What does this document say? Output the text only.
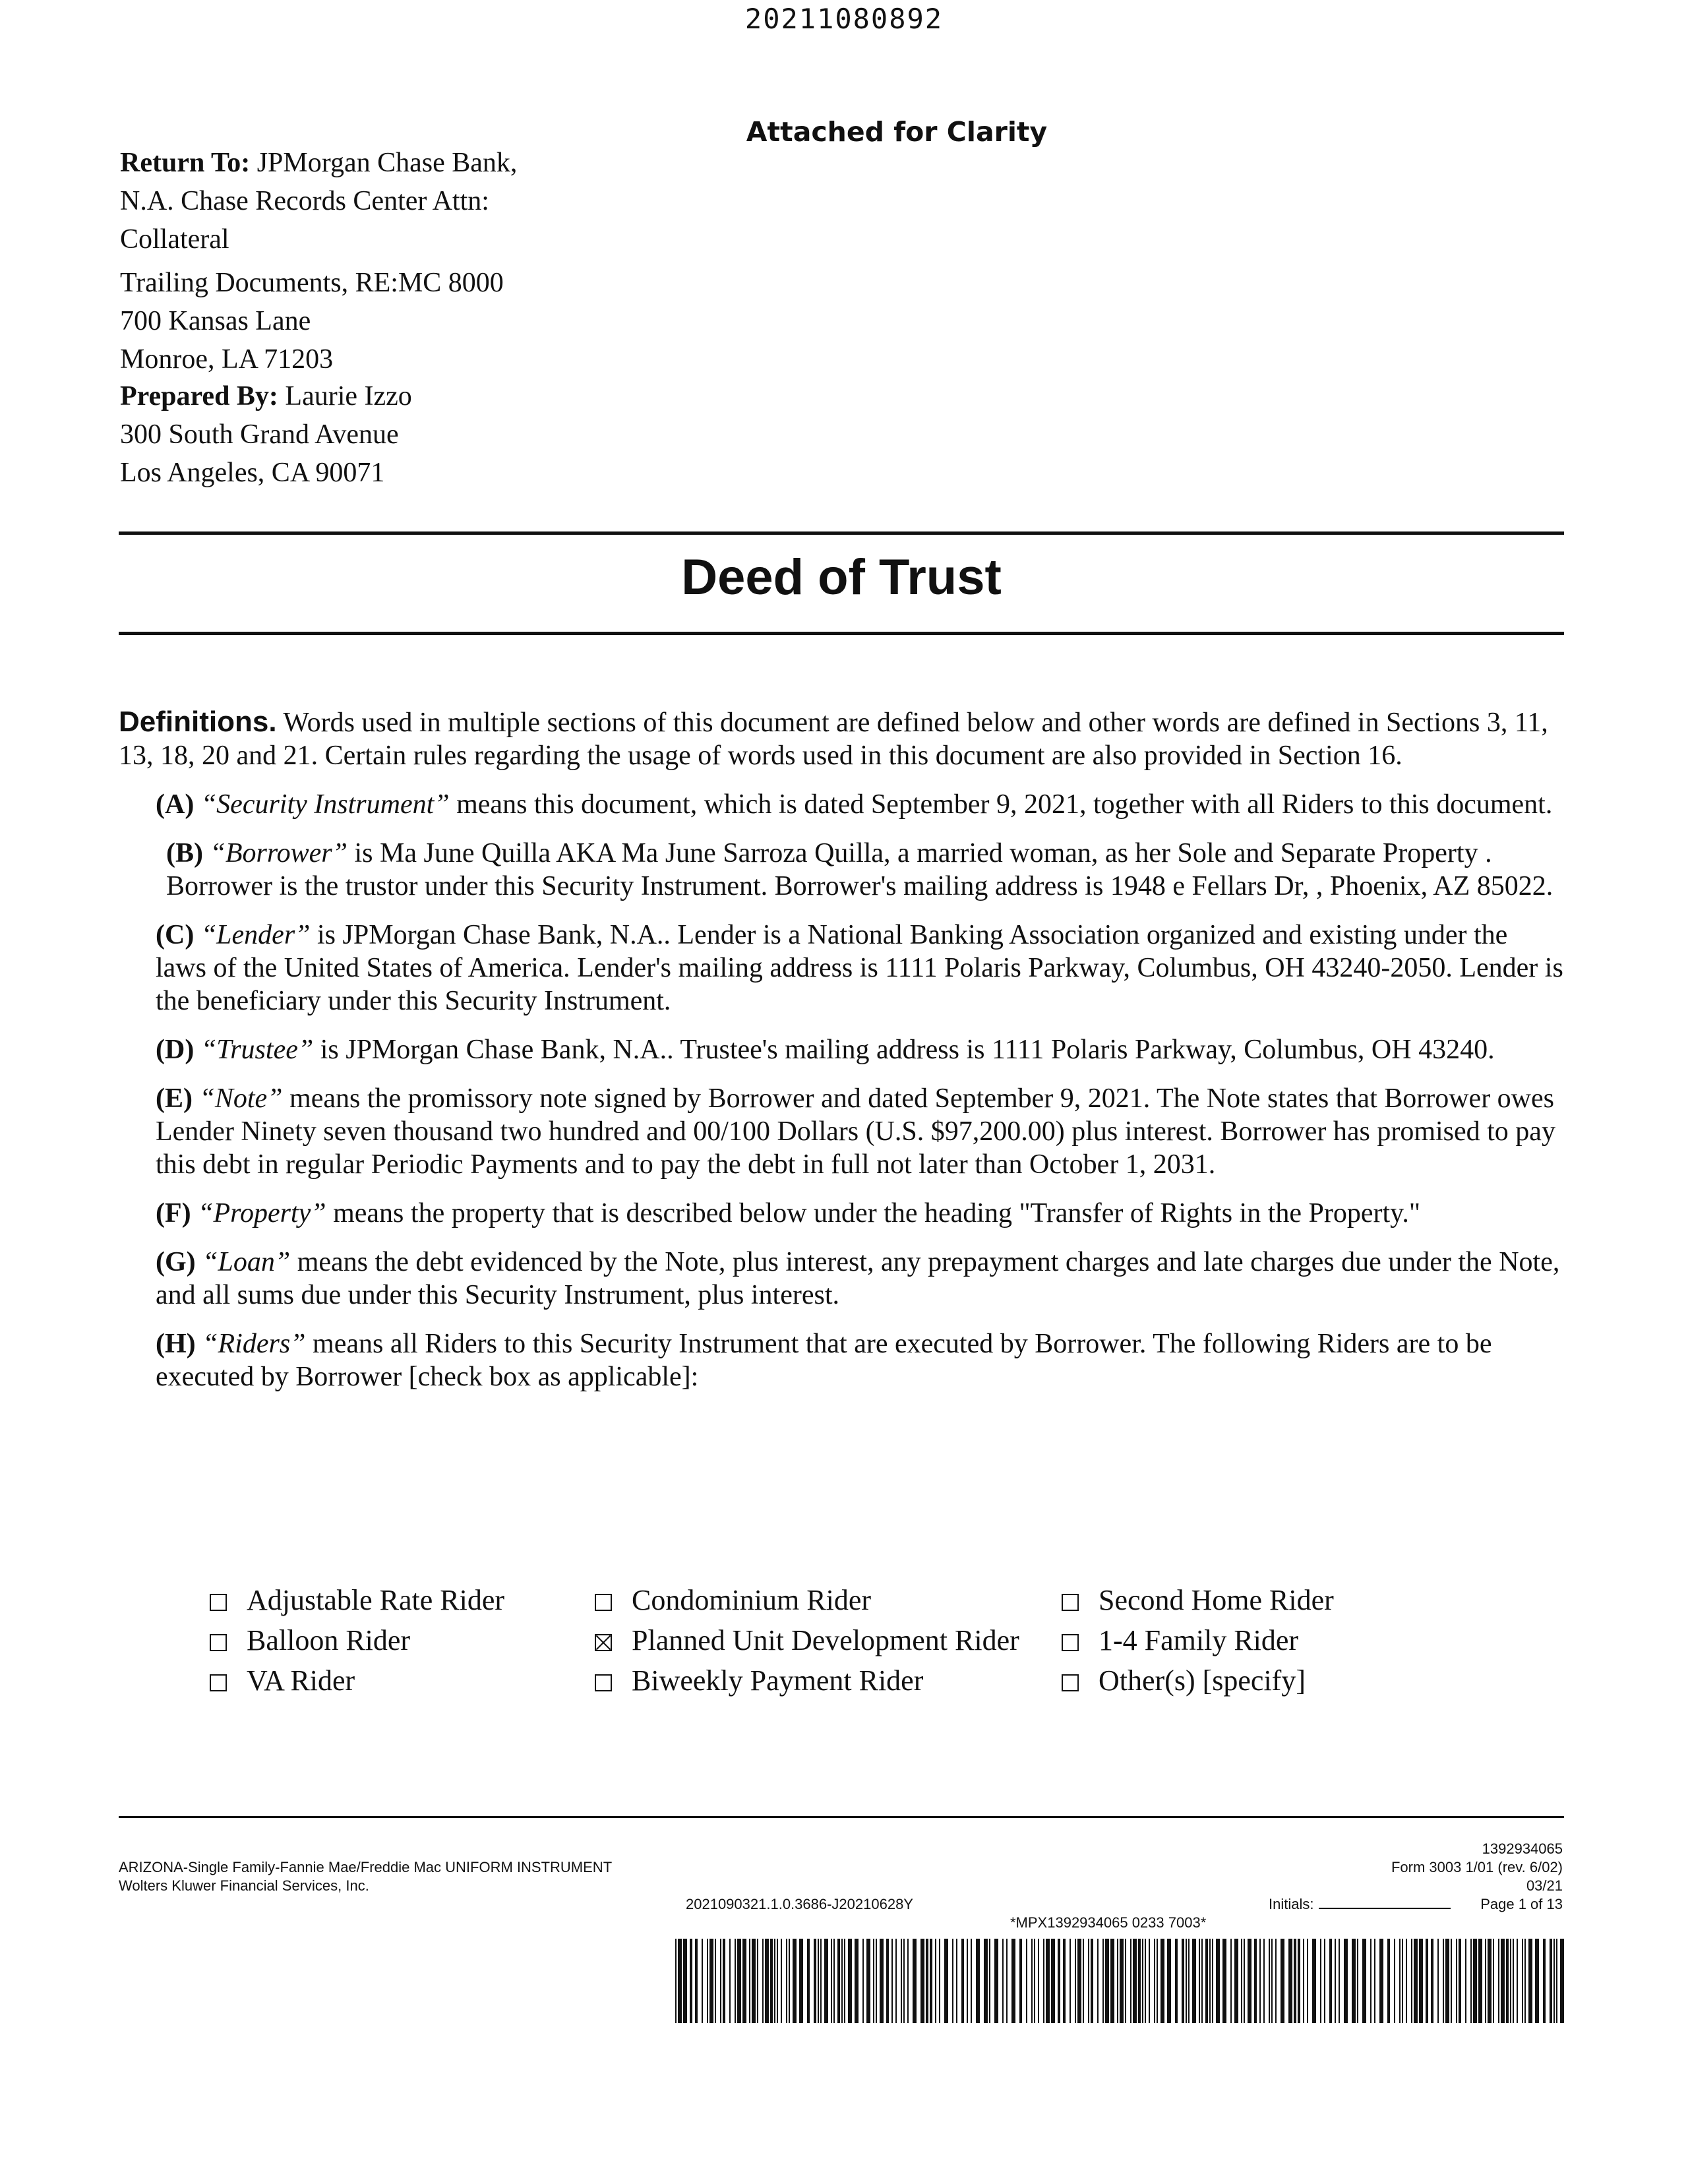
20211080892
Attached for Clarity
Return To: JPMorgan Chase Bank,
N.A. Chase Records Center Attn:
Collateral
Trailing Documents, RE:MC 8000
700 Kansas Lane
Monroe, LA 71203
Prepared By: Laurie Izzo
300 South Grand Avenue
Los Angeles, CA 90071
Deed of Trust

Definitions. Words used in multiple sections of this document are defined below and other words are defined in Sections 3, 11, 13, 18, 20 and 21. Certain rules regarding the usage of words used in this document are also provided in Section 16.

(A) “Security Instrument” means this document, which is dated September 9, 2021, together with all Riders to this document.

(B) “Borrower” is Ma June Quilla AKA Ma June Sarroza Quilla, a married woman, as her Sole and Separate Property . Borrower is the trustor under this Security Instrument. Borrower's mailing address is 1948 e Fellars Dr, , Phoenix, AZ 85022.

(C) “Lender” is JPMorgan Chase Bank, N.A.. Lender is a National Banking Association organized and existing under the laws of the United States of America. Lender's mailing address is 1111 Polaris Parkway, Columbus, OH 43240-2050. Lender is the beneficiary under this Security Instrument.

(D) “Trustee” is JPMorgan Chase Bank, N.A.. Trustee's mailing address is 1111 Polaris Parkway, Columbus, OH 43240.

(E) “Note” means the promissory note signed by Borrower and dated September 9, 2021. The Note states that Borrower owes Lender Ninety seven thousand two hundred and 00/100 Dollars (U.S. $97,200.00) plus interest. Borrower has promised to pay this debt in regular Periodic Payments and to pay the debt in full not later than October 1, 2031.

(F) “Property” means the property that is described below under the heading "Transfer of Rights in the Property."

(G) “Loan” means the debt evidenced by the Note, plus interest, any prepayment charges and late charges due under the Note, and all sums due under this Security Instrument, plus interest.

(H) “Riders” means all Riders to this Security Instrument that are executed by Borrower. The following Riders are to be executed by Borrower [check box as applicable]:

Adjustable Rate Rider	Condominium Rider	Second Home Rider
Balloon Rider	Planned Unit Development Rider	1-4 Family Rider
VA Rider	Biweekly Payment Rider	Other(s) [specify]
ARIZONA-Single Family-Fannie Mae/Freddie Mac UNIFORM INSTRUMENT
Wolters Kluwer Financial Services, Inc.
2021090321.1.0.3686-J20210628Y
1392934065
Form 3003 1/01 (rev. 6/02)
03/21
Initials:	Page 1 of 13
*MPX1392934065 0233 7003*
